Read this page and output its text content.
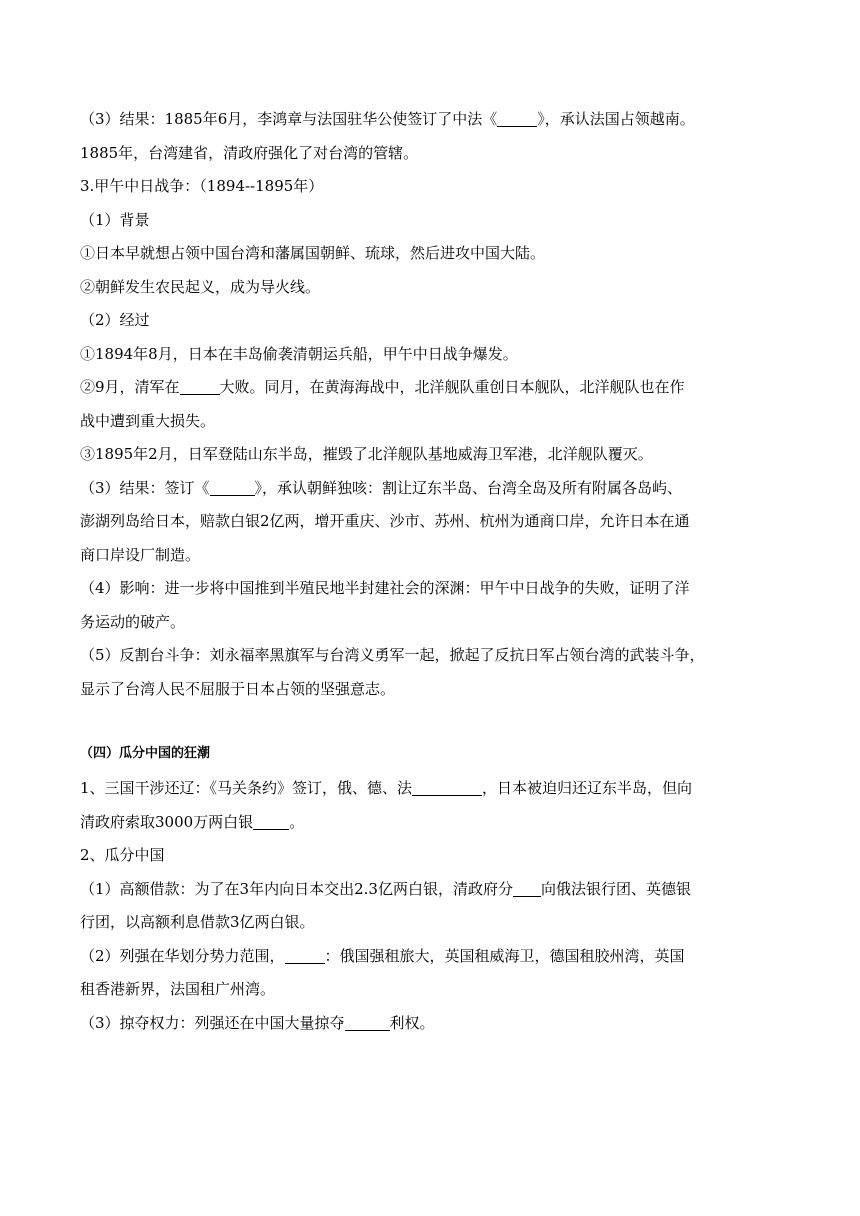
（3）结果：1885年6月，李鸿章与法国驻华公使签订了中法《	》，承认法国占领越南。

1885年，台湾建省，清政府强化了对台湾的管辖。

3.甲午中日战争：（1894--1895年）

（1）背景

①日本早就想占领中国台湾和藩属国朝鲜、琉球，然后进攻中国大陆。

②朝鲜发生农民起义，成为导火线。

（2）经过

①1894年8月，日本在丰岛偷袭清朝运兵船，甲午中日战争爆发。

②9月，清军在	大败。同月，在黄海海战中，北洋舰队重创日本舰队，北洋舰队也在作

战中遭到重大损失。

③1895年2月，日军登陆山东半岛，摧毁了北洋舰队基地威海卫军港，北洋舰队覆灭。

（3）结果：签订《	》，承认朝鲜独咳：割让辽东半岛、台湾全岛及所有附属各岛屿、

澎湖列岛给日本，赔款白银2亿两，增开重庆、沙市、苏州、杭州为通商口岸，允许日本在通

商口岸设厂制造。

（4）影响：进一步将中国推到半殖民地半封建社会的深渊：甲午中日战争的失败，证明了洋

务运动的破产。

（5）反割台斗争：刘永福率黑旗军与台湾义勇军一起，掀起了反抗日军占领台湾的武装斗争，

显示了台湾人民不屈服于日本占领的坚强意志。

（四）瓜分中国的狂潮

1、三国干涉还辽：《马关条约》签订，俄、德、法	，日本被迫归还辽东半岛，但向

清政府索取3000万两白银 。

2、瓜分中国

（1）高额借款：为了在3年内向日本交出2.3亿两白银，清政府分 向俄法银行团、英德银

行团，以高额利息借款3亿两白银。

（2）列强在华划分势力范围，	：俄国强租旅大，英国租威海卫，德国租胶州湾，英国

租香港新界，法国租广州湾。

（3）掠夺权力：列强还在中国大量掠夺	利权。
